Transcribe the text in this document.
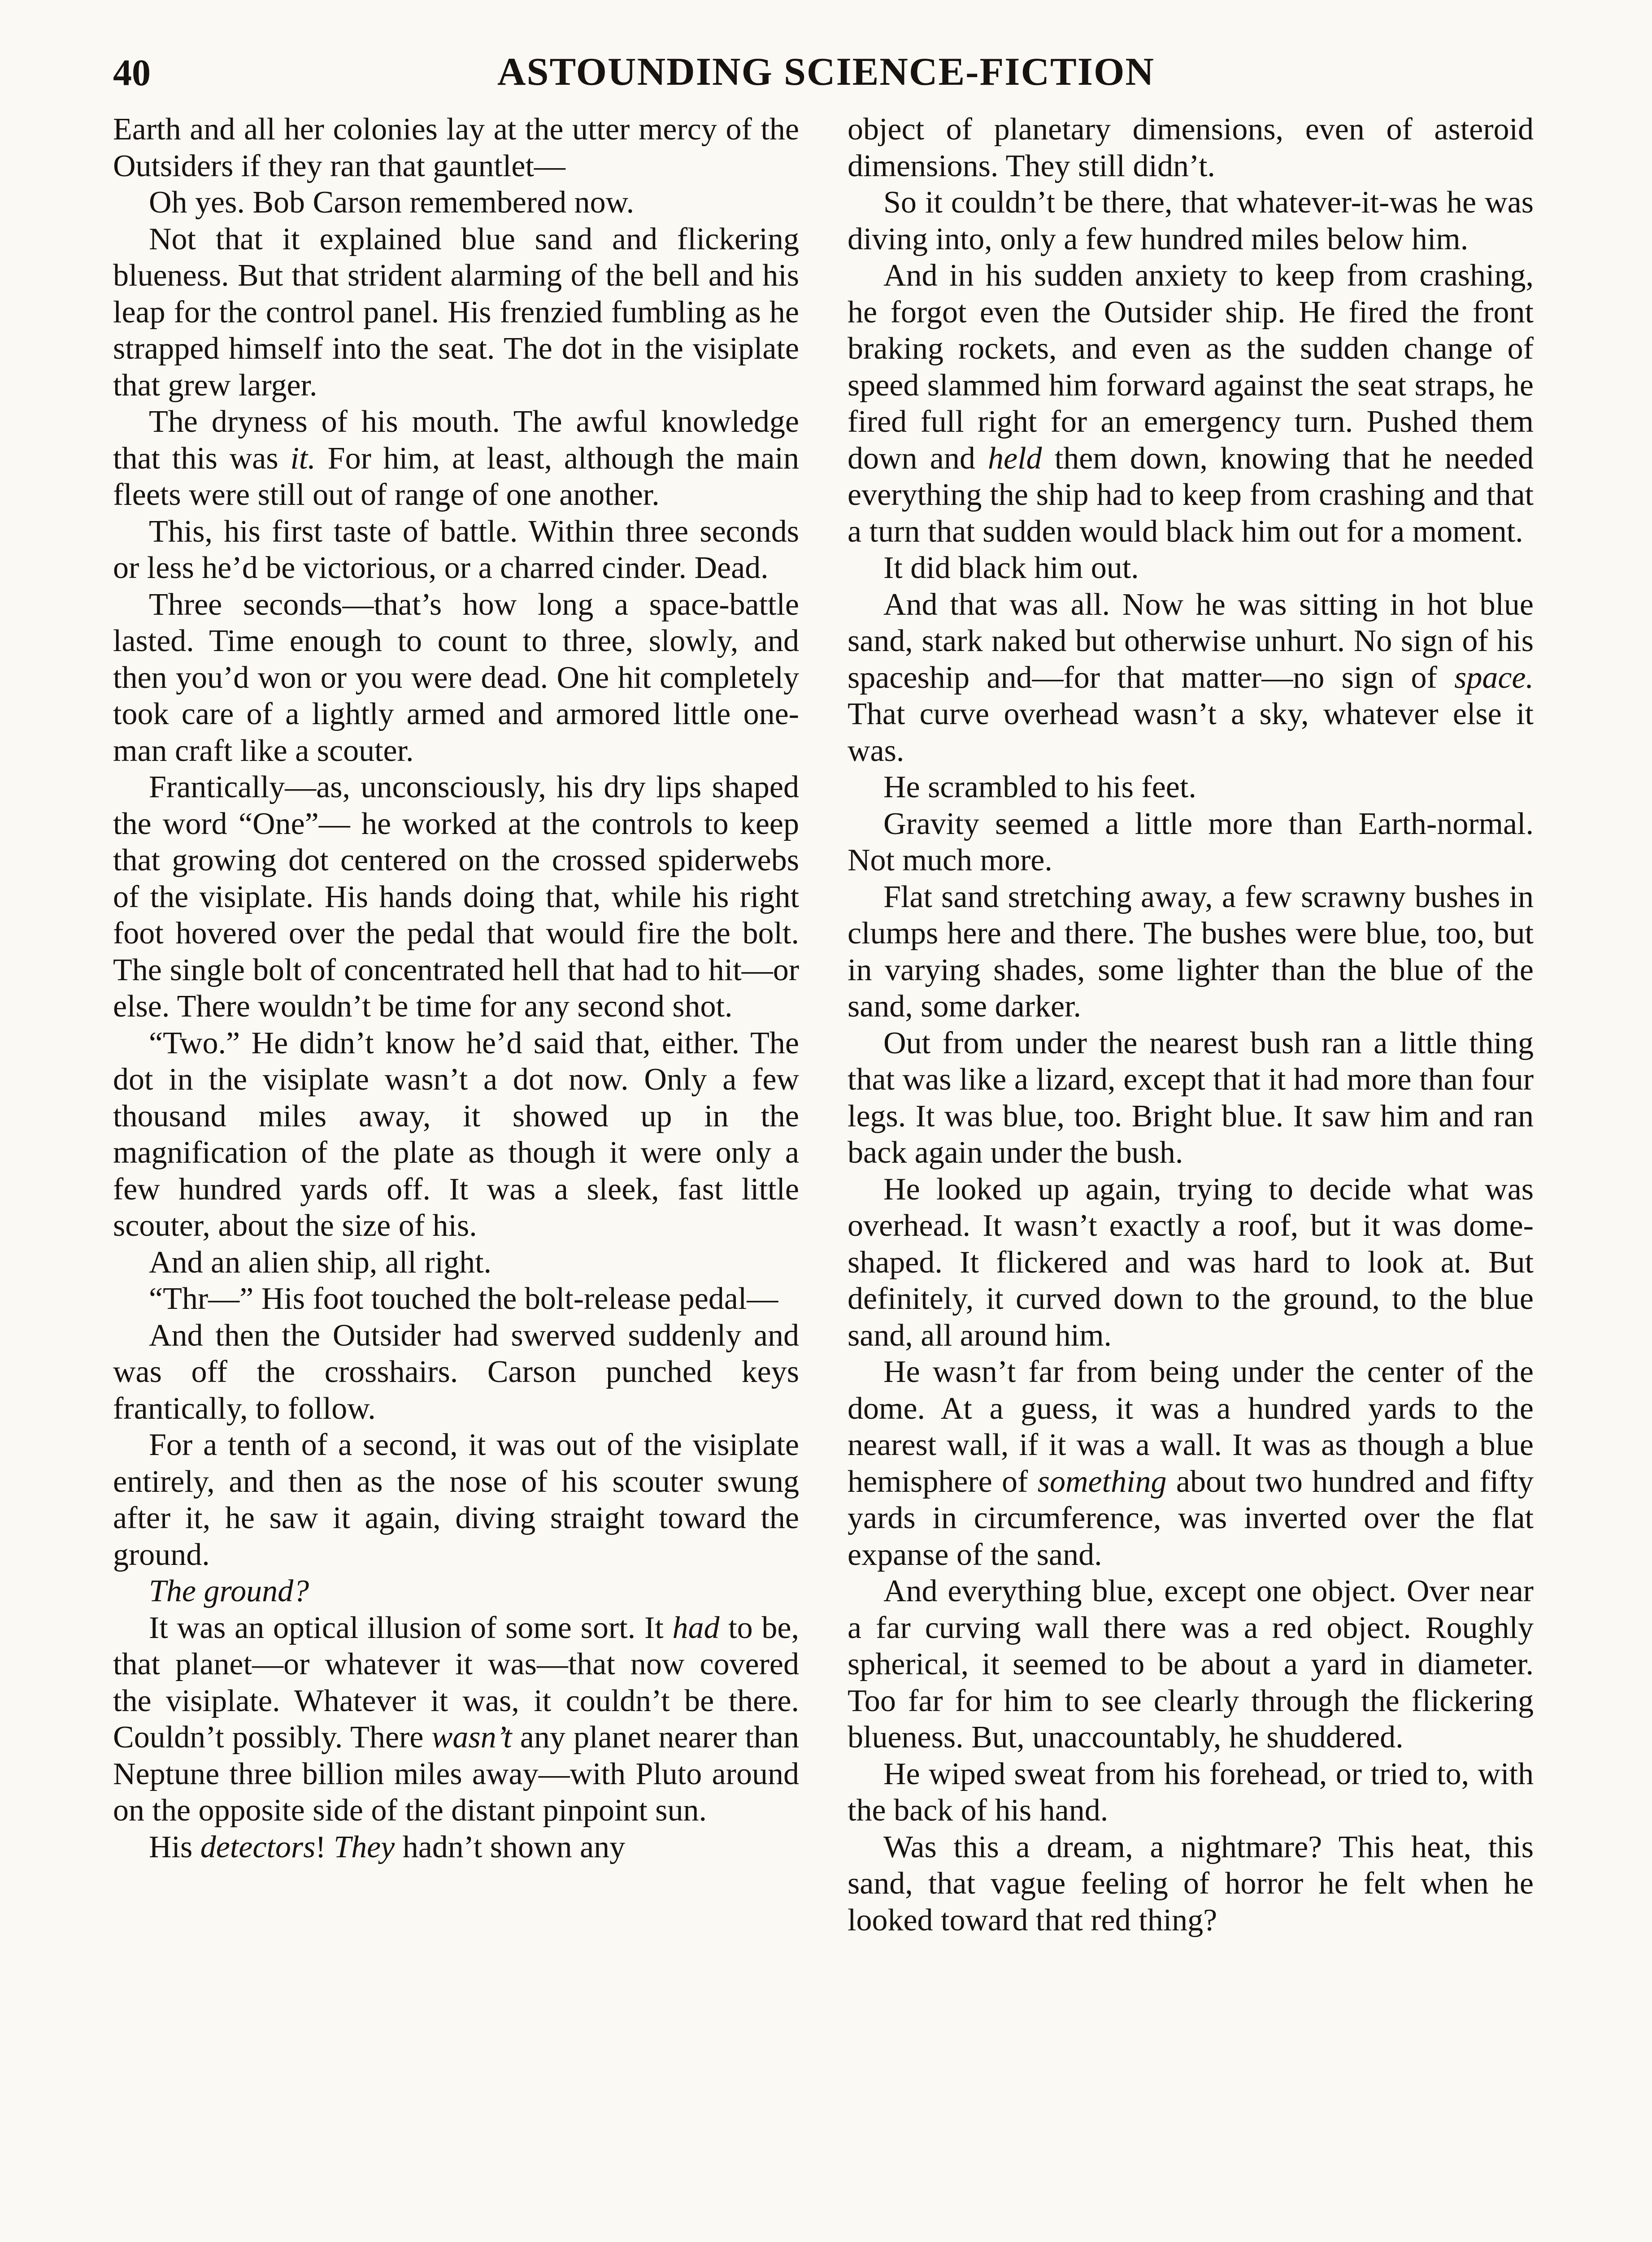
40	ASTOUNDING SCIENCE-FICTION

Earth and all her colonies lay at the utter mercy of the Outsiders if they ran that gauntlet—

Oh yes. Bob Carson remembered now.

Not that it explained blue sand and flickering blueness. But that strident alarming of the bell and his leap for the control panel. His frenzied fumbling as he strapped himself into the seat. The dot in the visiplate that grew larger.

The dryness of his mouth. The awful knowledge that this was it. For him, at least, although the main fleets were still out of range of one another.

This, his first taste of battle. Within three seconds or less he’d be victorious, or a charred cinder. Dead.

Three seconds—that’s how long a space-battle lasted. Time enough to count to three, slowly, and then you’d won or you were dead. One hit completely took care of a lightly armed and armored little one-man craft like a scouter.

Frantically—as, unconsciously, his dry lips shaped the word “One”— he worked at the controls to keep that growing dot centered on the crossed spiderwebs of the visiplate. His hands doing that, while his right foot hovered over the pedal that would fire the bolt. The single bolt of concentrated hell that had to hit—or else. There wouldn’t be time for any second shot.

“Two.” He didn’t know he’d said that, either. The dot in the visiplate wasn’t a dot now. Only a few thousand miles away, it showed up in the magnification of the plate as though it were only a few hundred yards off. It was a sleek, fast little scouter, about the size of his.

And an alien ship, all right.

“Thr—” His foot touched the bolt-release pedal—

And then the Outsider had swerved suddenly and was off the crosshairs. Carson punched keys frantically, to follow.

For a tenth of a second, it was out of the visiplate entirely, and then as the nose of his scouter swung after it, he saw it again, diving straight toward the ground.

The ground?

It was an optical illusion of some sort. It had to be, that planet—or whatever it was—that now covered the visiplate. Whatever it was, it couldn’t be there. Couldn’t possibly. There wasn’t any planet nearer than Neptune three billion miles away—with Pluto around on the opposite side of the distant pinpoint sun.

His detectors! They hadn’t shown any

object of planetary dimensions, even of asteroid dimensions. They still didn’t.

So it couldn’t be there, that whatever-it-was he was diving into, only a few hundred miles below him.

And in his sudden anxiety to keep from crashing, he forgot even the Outsider ship. He fired the front braking rockets, and even as the sudden change of speed slammed him forward against the seat straps, he fired full right for an emergency turn. Pushed them down and held them down, knowing that he needed everything the ship had to keep from crashing and that a turn that sudden would black him out for a moment.

It did black him out.

And that was all. Now he was sitting in hot blue sand, stark naked but otherwise unhurt. No sign of his spaceship and—for that matter—no sign of space. That curve overhead wasn’t a sky, whatever else it was.

He scrambled to his feet.

Gravity seemed a little more than Earth-normal. Not much more.

Flat sand stretching away, a few scrawny bushes in clumps here and there. The bushes were blue, too, but in varying shades, some lighter than the blue of the sand, some darker.

Out from under the nearest bush ran a little thing that was like a lizard, except that it had more than four legs. It was blue, too. Bright blue. It saw him and ran back again under the bush.

He looked up again, trying to decide what was overhead. It wasn’t exactly a roof, but it was dome-shaped. It flickered and was hard to look at. But definitely, it curved down to the ground, to the blue sand, all around him.

He wasn’t far from being under the center of the dome. At a guess, it was a hundred yards to the nearest wall, if it was a wall. It was as though a blue hemisphere of something about two hundred and fifty yards in circumference, was inverted over the flat expanse of the sand.

And everything blue, except one object. Over near a far curving wall there was a red object. Roughly spherical, it seemed to be about a yard in diameter. Too far for him to see clearly through the flickering blueness. But, unaccountably, he shuddered.

He wiped sweat from his forehead, or tried to, with the back of his hand.

Was this a dream, a nightmare? This heat, this sand, that vague feeling of horror he felt when he looked toward that red thing?
